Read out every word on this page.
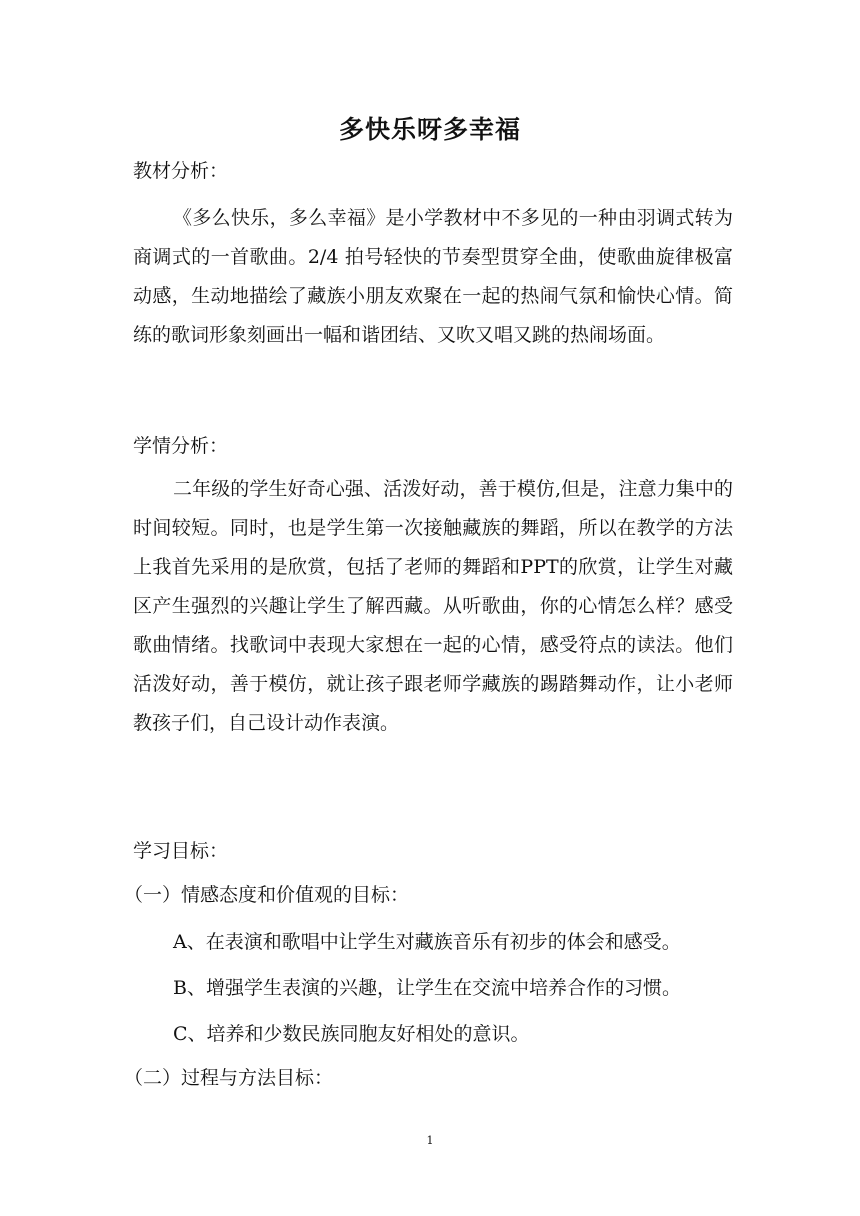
多快乐呀多幸福

教材分析：

《多么快乐，多么幸福》是小学教材中不多见的一种由羽调式转为商调式的一首歌曲。2/4 拍号轻快的节奏型贯穿全曲，使歌曲旋律极富动感，生动地描绘了藏族小朋友欢聚在一起的热闹气氛和愉快心情。简练的歌词形象刻画出一幅和谐团结、又吹又唱又跳的热闹场面。

学情分析：

二年级的学生好奇心强、活泼好动，善于模仿,但是，注意力集中的时间较短。同时，也是学生第一次接触藏族的舞蹈，所以在教学的方法上我首先采用的是欣赏，包括了老师的舞蹈和PPT的欣赏，让学生对藏区产生强烈的兴趣让学生了解西藏。从听歌曲，你的心情怎么样？感受歌曲情绪。找歌词中表现大家想在一起的心情，感受符点的读法。他们活泼好动，善于模仿，就让孩子跟老师学藏族的踢踏舞动作，让小老师教孩子们，自己设计动作表演。

学习目标：

（一）情感态度和价值观的目标：

A、在表演和歌唱中让学生对藏族音乐有初步的体会和感受。

B、增强学生表演的兴趣，让学生在交流中培养合作的习惯。

C、培养和少数民族同胞友好相处的意识。

（二）过程与方法目标：

1
